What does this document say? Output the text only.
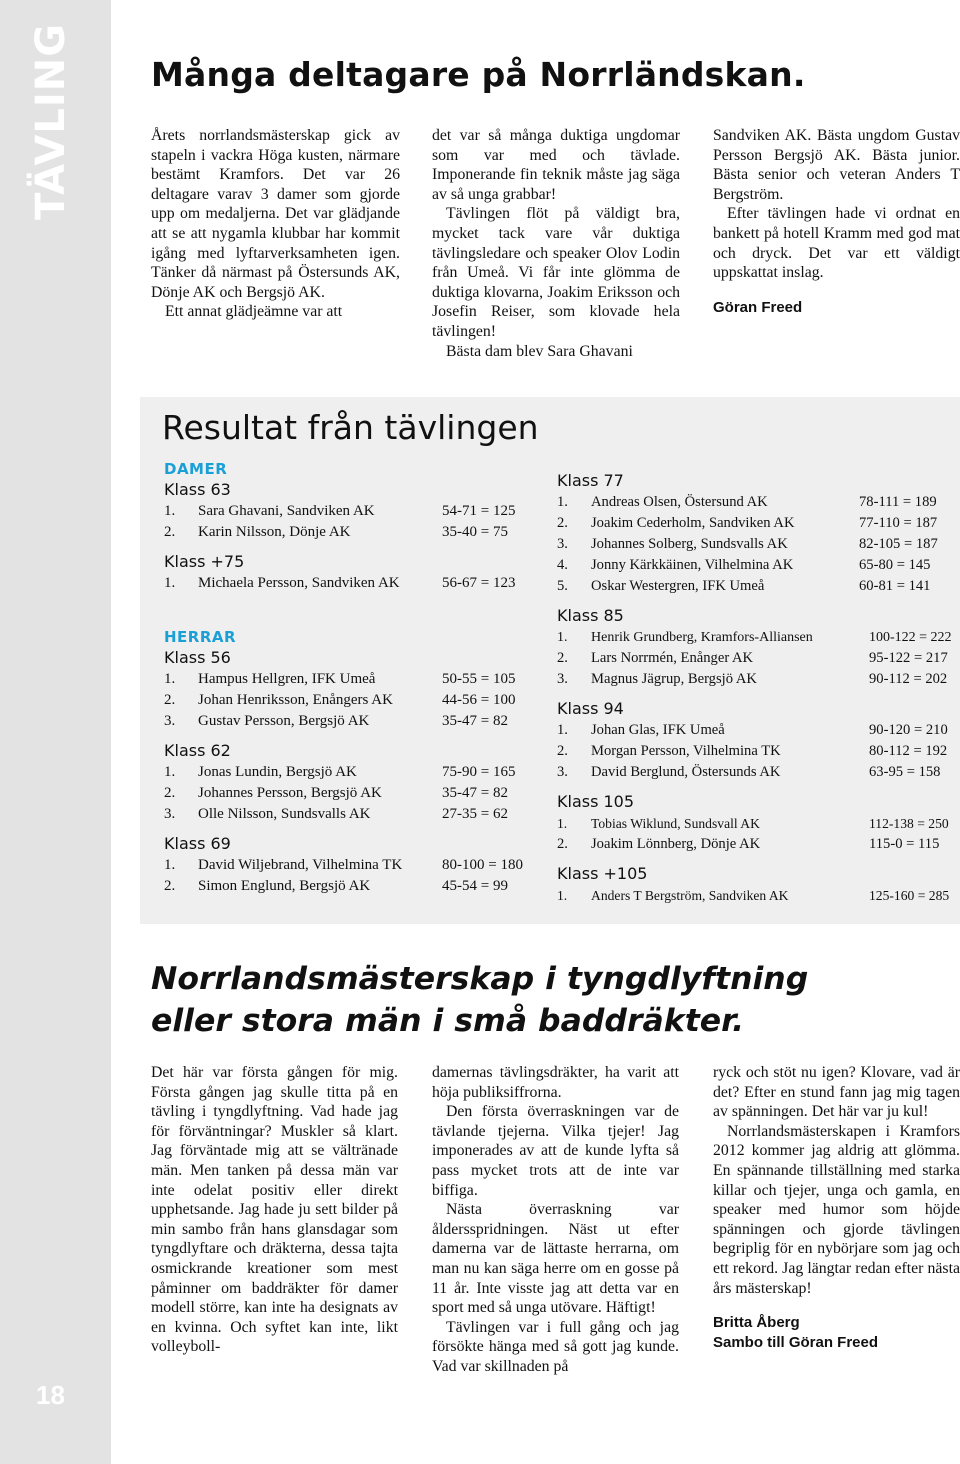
TÄVLING
18
Många deltagare på Norrländskan.

Årets norrlandsmästerskap gick av stapeln i vackra Höga kusten, närmare bestämt Kramfors. Det var 26 deltagare varav 3 damer som gjorde upp om medaljerna. Det var glädjande att se att nygamla klubbar har kommit igång med lyftarverksamheten igen. Tänker då närmast på Östersunds AK, Dönje AK och Bergsjö AK.

Ett annat glädjeämne var att

det var så många duktiga ungdomar som var med och tävlade. Imponerande fin teknik måste jag säga av så unga grabbar!

Tävlingen flöt på väldigt bra, mycket tack vare vår duktiga tävlingsledare och speaker Olov Lodin från Umeå. Vi får inte glömma de duktiga klovarna, Joakim Eriksson och Josefin Reiser, som klovade hela tävlingen!

Bästa dam blev Sara Ghavani

Sandviken AK. Bästa ungdom Gustav Persson Bergsjö AK. Bästa junior. Bästa senior och veteran Anders T Bergström.

Efter tävlingen hade vi ordnat en bankett på hotell Kramm med god mat och dryck. Det var ett väldigt uppskattat inslag.

Göran Freed

Resultat från tävlingen
DAMER
Klass 63
1. Sara Ghavani, Sandviken AK	54-71 = 125
2. Karin Nilsson, Dönje AK	35-40 = 75
Klass +75
1. Michaela Persson, Sandviken AK	56-67 = 123
HERRAR
Klass 56
1. Hampus Hellgren, IFK Umeå	50-55 = 105
2. Johan Henriksson, Enångers AK	44-56 = 100
3. Gustav Persson, Bergsjö AK	35-47 = 82
Klass 62
1. Jonas Lundin, Bergsjö AK	75-90 = 165
2. Johannes Persson, Bergsjö AK	35-47 = 82
3. Olle Nilsson, Sundsvalls AK	27-35 = 62
Klass 69
1. David Wiljebrand, Vilhelmina TK	80-100 = 180
2. Simon Englund, Bergsjö AK	45-54 = 99
Klass 77
1. Andreas Olsen, Östersund AK	78-111 = 189
2. Joakim Cederholm, Sandviken AK	77-110 = 187
3. Johannes Solberg, Sundsvalls AK	82-105 = 187
4. Jonny Kärkkäinen, Vilhelmina AK	65-80 = 145
5. Oskar Westergren, IFK Umeå	60-81 = 141
Klass 85
1. Henrik Grundberg, Kramfors-Alliansen	100-122 = 222
2. Lars Norrmén, Enånger AK	95-122 = 217
3. Magnus Jägrup, Bergsjö AK	90-112 = 202
Klass 94
1. Johan Glas, IFK Umeå	90-120 = 210
2. Morgan Persson, Vilhelmina TK	80-112 = 192
3. David Berglund, Östersunds AK	63-95 = 158
Klass 105
1. Tobias Wiklund, Sundsvall AK	112-138 = 250
2. Joakim Lönnberg, Dönje AK	115-0 = 115
Klass +105
1. Anders T Bergström, Sandviken AK	125-160 = 285
Norrlandsmästerskap i tyngdlyftning eller stora män i små baddräkter.

Det här var första gången för mig. Första gången jag skulle titta på en tävling i tyngdlyftning. Vad hade jag för förväntningar? Muskler så klart. Jag förväntade mig att se vältränade män. Men tanken på dessa män var inte odelat positiv eller direkt upphetsande. Jag hade ju sett bilder på min sambo från hans glansdagar som tyngdlyftare och dräkterna, dessa tajta osmickrande kreationer som mest påminner om baddräkter för damer modell större, kan inte ha designats av en kvinna. Och syftet kan inte, likt volleyboll-

damernas tävlingsdräkter, ha varit att höja publiksiffrorna.

Den första överraskningen var de tävlande tjejerna. Vilka tjejer! Jag imponerades av att de kunde lyfta så pass mycket trots att de inte var biffiga.

Nästa överraskning var åldersspridningen. Näst ut efter damerna var de lättaste herrarna, om man nu kan säga herre om en gosse på 11 år. Inte visste jag att detta var en sport med så unga utövare. Häftigt!

Tävlingen var i full gång och jag försökte hänga med så gott jag kunde. Vad var skillnaden på

ryck och stöt nu igen? Klovare, vad är det? Efter en stund fann jag mig tagen av spänningen. Det här var ju kul!

Norrlandsmästerskapen i Kramfors 2012 kommer jag aldrig att glömma. En spännande tillställning med starka killar och tjejer, unga och gamla, en speaker med humor som höjde spänningen och gjorde tävlingen begriplig för en nybörjare som jag och ett rekord. Jag längtar redan efter nästa års mästerskap!

Britta Åberg

Sambo till Göran Freed
